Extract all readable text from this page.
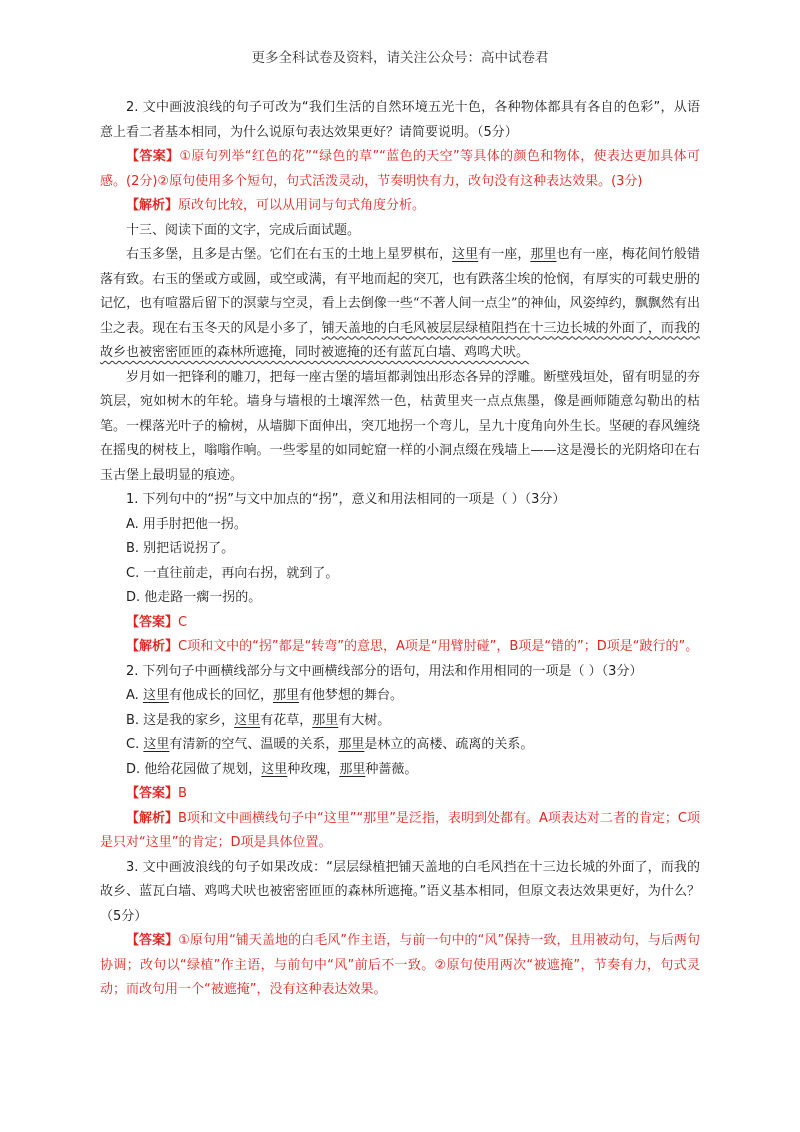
更多全科试卷及资料，请关注公众号：高中试卷君

2. 文中画波浪线的句子可改为“我们生活的自然环境五光十色，各种物体都具有各自的色彩”，从语意上看二者基本相同，为什么说原句表达效果更好？请简要说明。（5分）

【答案】①原句列举“红色的花”“绿色的草”“蓝色的天空”等具体的颜色和物体，使表达更加具体可感。(2分)②原句使用多个短句，句式活泼灵动，节奏明快有力，改句没有这种表达效果。(3分)

【解析】原改句比较，可以从用词与句式角度分析。

十三、阅读下面的文字，完成后面试题。

右玉多堡，且多是古堡。它们在右玉的土地上星罗棋布，这里有一座，那里也有一座，梅花间竹般错落有致。右玉的堡或方或圆，或空或满，有平地而起的突兀，也有跌落尘埃的怆悯，有厚实的可载史册的记忆，也有喧嚣后留下的溟蒙与空灵，看上去倒像一些“不著人间一点尘”的神仙，风姿绰约，飘飘然有出尘之表。现在右玉冬天的风是小多了，铺天盖地的白毛风被层层绿植阻挡在十三边长城的外面了，而我的故乡也被密密匝匝的森林所遮掩，同时被遮掩的还有蓝瓦白墙、鸡鸣犬吠。

岁月如一把锋利的雕刀，把每一座古堡的墙垣都剥蚀出形态各异的浮雕。断壁残垣处，留有明显的夯筑层，宛如树木的年轮。墙身与墙根的土壤浑然一色，枯黄里夹一点点焦墨，像是画师随意勾勒出的枯笔。一棵落光叶子的榆树，从墙脚下面伸出，突兀地拐一个弯儿，呈九十度角向外生长。坚硬的春风缠绕在摇曳的树枝上，嗡嗡作响。一些零星的如同蛇窟一样的小洞点缀在残墙上——这是漫长的光阴烙印在右玉古堡上最明显的痕迹。

1. 下列句中的“拐”与文中加点的“拐”，意义和用法相同的一项是（ ）（3分）

A. 用手肘把他一拐。

B. 别把话说拐了。

C. 一直往前走，再向右拐，就到了。

D. 他走路一瘸一拐的。

【答案】C

【解析】C项和文中的“拐”都是“转弯”的意思，A项是“用臂肘碰”，B项是“错的”；D项是“跛行的”。

2. 下列句子中画横线部分与文中画横线部分的语句，用法和作用相同的一项是（ ）（3分）

A. 这里有他成长的回忆，那里有他梦想的舞台。

B. 这是我的家乡，这里有花草，那里有大树。

C. 这里有清新的空气、温暖的关系，那里是林立的高楼、疏离的关系。

D. 他给花园做了规划，这里种玫瑰，那里种蔷薇。

【答案】B

【解析】B项和文中画横线句子中“这里”“那里”是泛指，表明到处都有。A项表达对二者的肯定；C项是只对“这里”的肯定；D项是具体位置。

3. 文中画波浪线的句子如果改成：“层层绿植把铺天盖地的白毛风挡在十三边长城的外面了，而我的故乡、蓝瓦白墙、鸡鸣犬吠也被密密匝匝的森林所遮掩。”语义基本相同，但原文表达效果更好，为什么？（5分）

【答案】①原句用“铺天盖地的白毛风”作主语，与前一句中的“风”保持一致，且用被动句，与后两句协调；改句以“绿植”作主语，与前句中“风”前后不一致。②原句使用两次“被遮掩”，节奏有力，句式灵动；而改句用一个“被遮掩”，没有这种表达效果。
